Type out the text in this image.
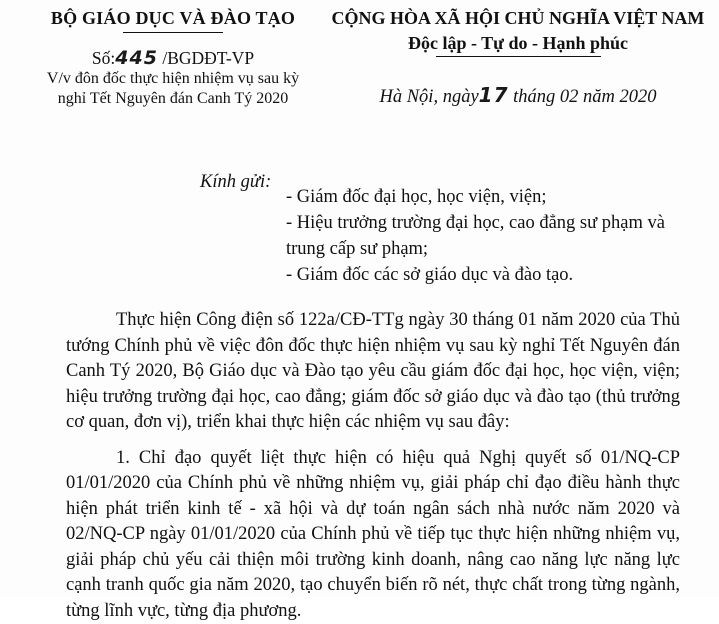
BỘ GIÁO DỤC VÀ ĐÀO TẠO
Số:445 /BGDĐT-VP
V/v đôn đốc thực hiện nhiệm vụ sau kỳ
nghỉ Tết Nguyên đán Canh Tý 2020
CỘNG HÒA XÃ HỘI CHỦ NGHĨA VIỆT NAM
Độc lập - Tự do - Hạnh phúc
Hà Nội, ngày17 tháng 02 năm 2020
Kính gửi:
- Giám đốc đại học, học viện, viện;
- Hiệu trưởng trường đại học, cao đẳng sư phạm và
trung cấp sư phạm;
- Giám đốc các sở giáo dục và đào tạo.

Thực hiện Công điện số 122a/CĐ-TTg ngày 30 tháng 01 năm 2020 của Thủ tướng Chính phủ về việc đôn đốc thực hiện nhiệm vụ sau kỳ nghỉ Tết Nguyên đán Canh Tý 2020, Bộ Giáo dục và Đào tạo yêu cầu giám đốc đại học, học viện, viện; hiệu trưởng trường đại học, cao đẳng; giám đốc sở giáo dục và đào tạo (thủ trưởng cơ quan, đơn vị), triển khai thực hiện các nhiệm vụ sau đây:

1. Chỉ đạo quyết liệt thực hiện có hiệu quả Nghị quyết số 01/NQ-CP 01/01/2020 của Chính phủ về những nhiệm vụ, giải pháp chỉ đạo điều hành thực hiện phát triển kinh tế - xã hội và dự toán ngân sách nhà nước năm 2020 và 02/NQ-CP ngày 01/01/2020 của Chính phủ về tiếp tục thực hiện những nhiệm vụ, giải pháp chủ yếu cải thiện môi trường kinh doanh, nâng cao năng lực năng lực cạnh tranh quốc gia năm 2020, tạo chuyển biến rõ nét, thực chất trong từng ngành, từng lĩnh vực, từng địa phương.
